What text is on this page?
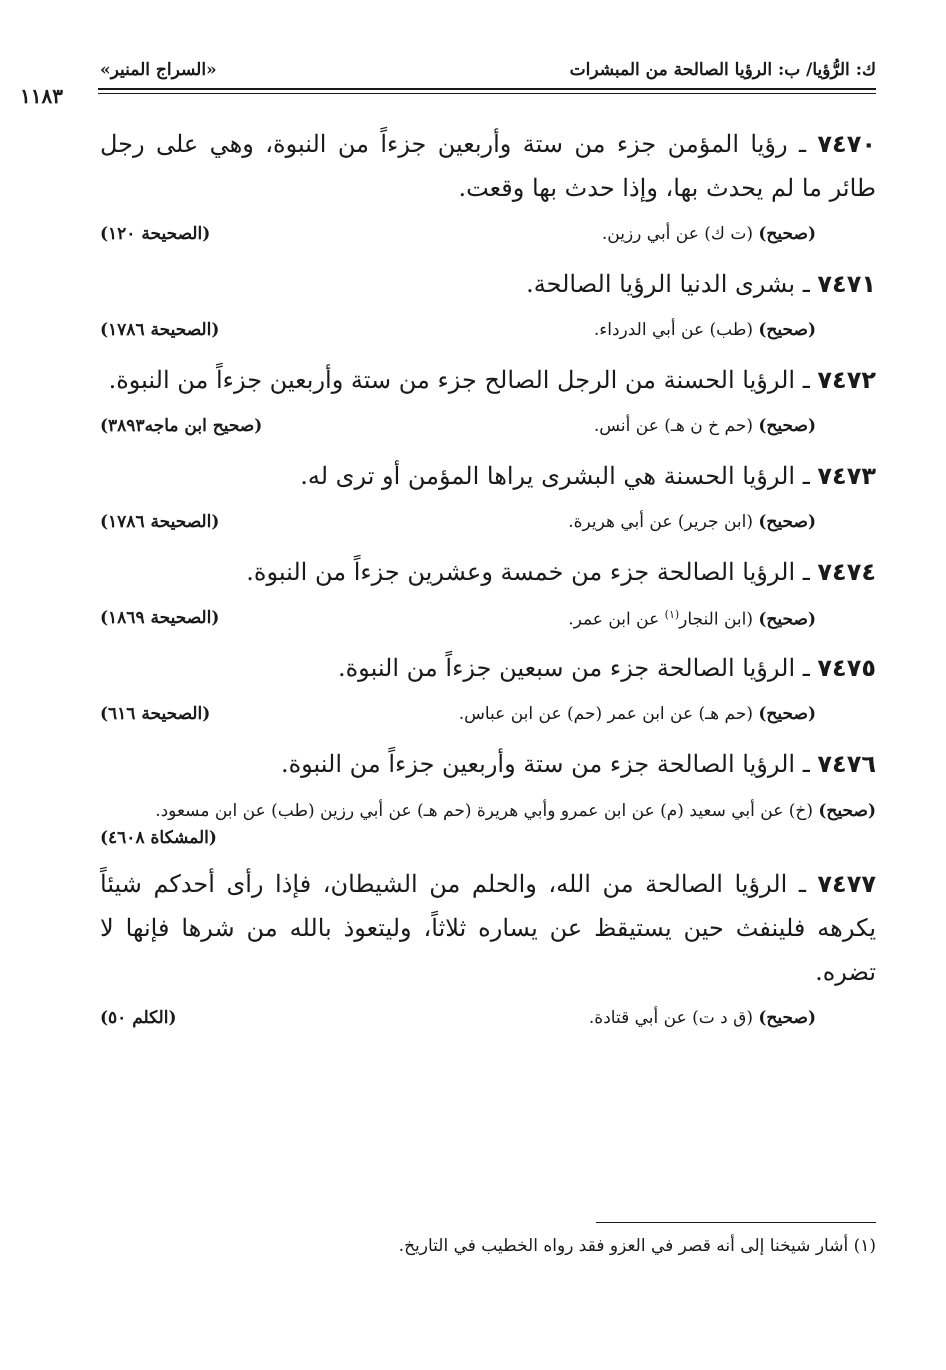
ك: الرُّؤيا/ ب: الرؤيا الصالحة من المبشرات
«السراج المنير»
١١٨٣

٧٤٧٠ ـ رؤيا المؤمن جزء من ستة وأربعين جزءاً من النبوة، وهي على رجل طائر ما لم يحدث بها، وإذا حدث بها وقعت.

(صحيح) (ت ك) عن أبي رزين.
(الصحيحة ١٢٠)

٧٤٧١ ـ بشرى الدنيا الرؤيا الصالحة.

(صحيح) (طب) عن أبي الدرداء.
(الصحيحة ١٧٨٦)

٧٤٧٢ ـ الرؤيا الحسنة من الرجل الصالح جزء من ستة وأربعين جزءاً من النبوة.

(صحيح) (حم خ ن هـ) عن أنس.
(صحيح ابن ماجه٣٨٩٣)

٧٤٧٣ ـ الرؤيا الحسنة هي البشرى يراها المؤمن أو ترى له.

(صحيح) (ابن جرير) عن أبي هريرة.
(الصحيحة ١٧٨٦)

٧٤٧٤ ـ الرؤيا الصالحة جزء من خمسة وعشرين جزءاً من النبوة.

(صحيح) (ابن النجار$^{(١)}$ عن ابن عمر.
(الصحيحة ١٨٦٩)

٧٤٧٥ ـ الرؤيا الصالحة جزء من سبعين جزءاً من النبوة.

(صحيح) (حم هـ) عن ابن عمر (حم) عن ابن عباس.
(الصحيحة ٦١٦)

٧٤٧٦ ـ الرؤيا الصالحة جزء من ستة وأربعين جزءاً من النبوة.

(صحيح) (خ) عن أبي سعيد (م) عن ابن عمرو وأبي هريرة (حم هـ) عن أبي رزين (طب) عن ابن مسعود.
(المشكاة ٤٦٠٨)

٧٤٧٧ ـ الرؤيا الصالحة من الله، والحلم من الشيطان، فإذا رأى أحدكم شيئاً يكرهه فلينفث حين يستيقظ عن يساره ثلاثاً، وليتعوذ بالله من شرها فإنها لا تضره.

(صحيح) (ق د ت) عن أبي قتادة.
(الكلم ٥٠)
(١) أشار شيخنا إلى أنه قصر في العزو فقد رواه الخطيب في التاريخ.
